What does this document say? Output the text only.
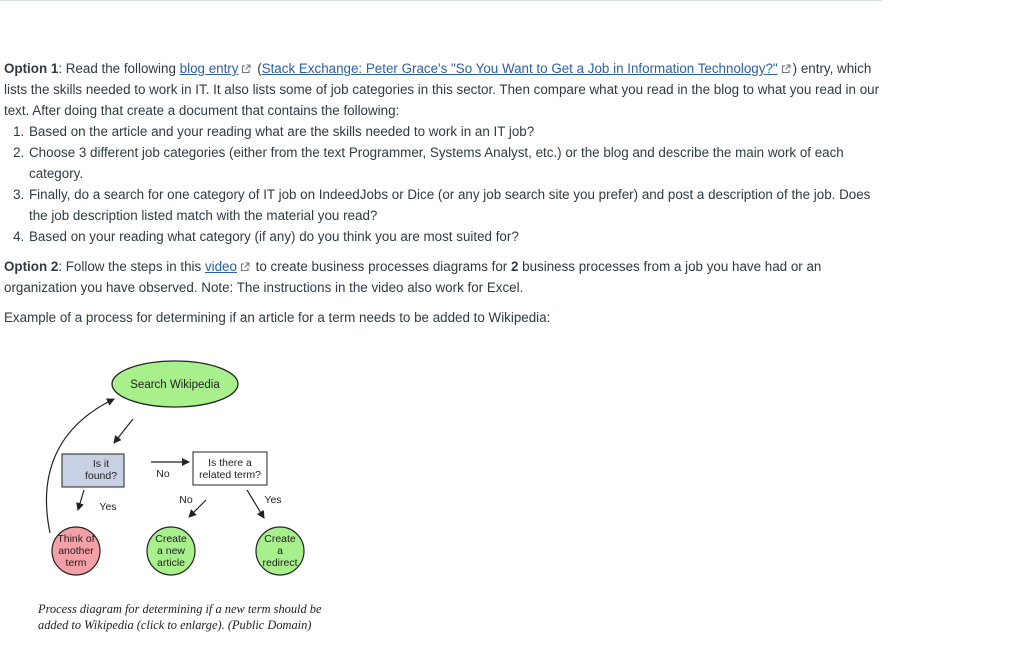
Option 1: Read the following blog entry (Stack Exchange: Peter Grace's "So You Want to Get a Job in Information Technology?" ) entry, which lists the skills needed to work in IT. It also lists some of job categories in this sector. Then compare what you read in the blog to what you read in our text. After doing that create a document that contains the following:

1. Based on the article and your reading what are the skills needed to work in an IT job?
2. Choose 3 different job categories (either from the text Programmer, Systems Analyst, etc.) or the blog and describe the main work of each category.
3. Finally, do a search for one category of IT job on IndeedJobs or Dice (or any job search site you prefer) and post a description of the job. Does the job description listed match with the material you read?
4. Based on your reading what category (if any) do you think you are most suited for?

Option 2: Follow the steps in this video to create business processes diagrams for 2 business processes from a job you have had or an organization you have observed. Note: The instructions in the video also work for Excel.

Example of a process for determining if an article for a term needs to be added to Wikipedia:

Search Wikipedia
Is it
found?	No
Is there a
related term?
Yes
No	Yes
Think of
another
term
Create
a new
article
Create
a
redirect

Process diagram for determining if a new term should be added to Wikipedia (click to enlarge). (Public Domain)
